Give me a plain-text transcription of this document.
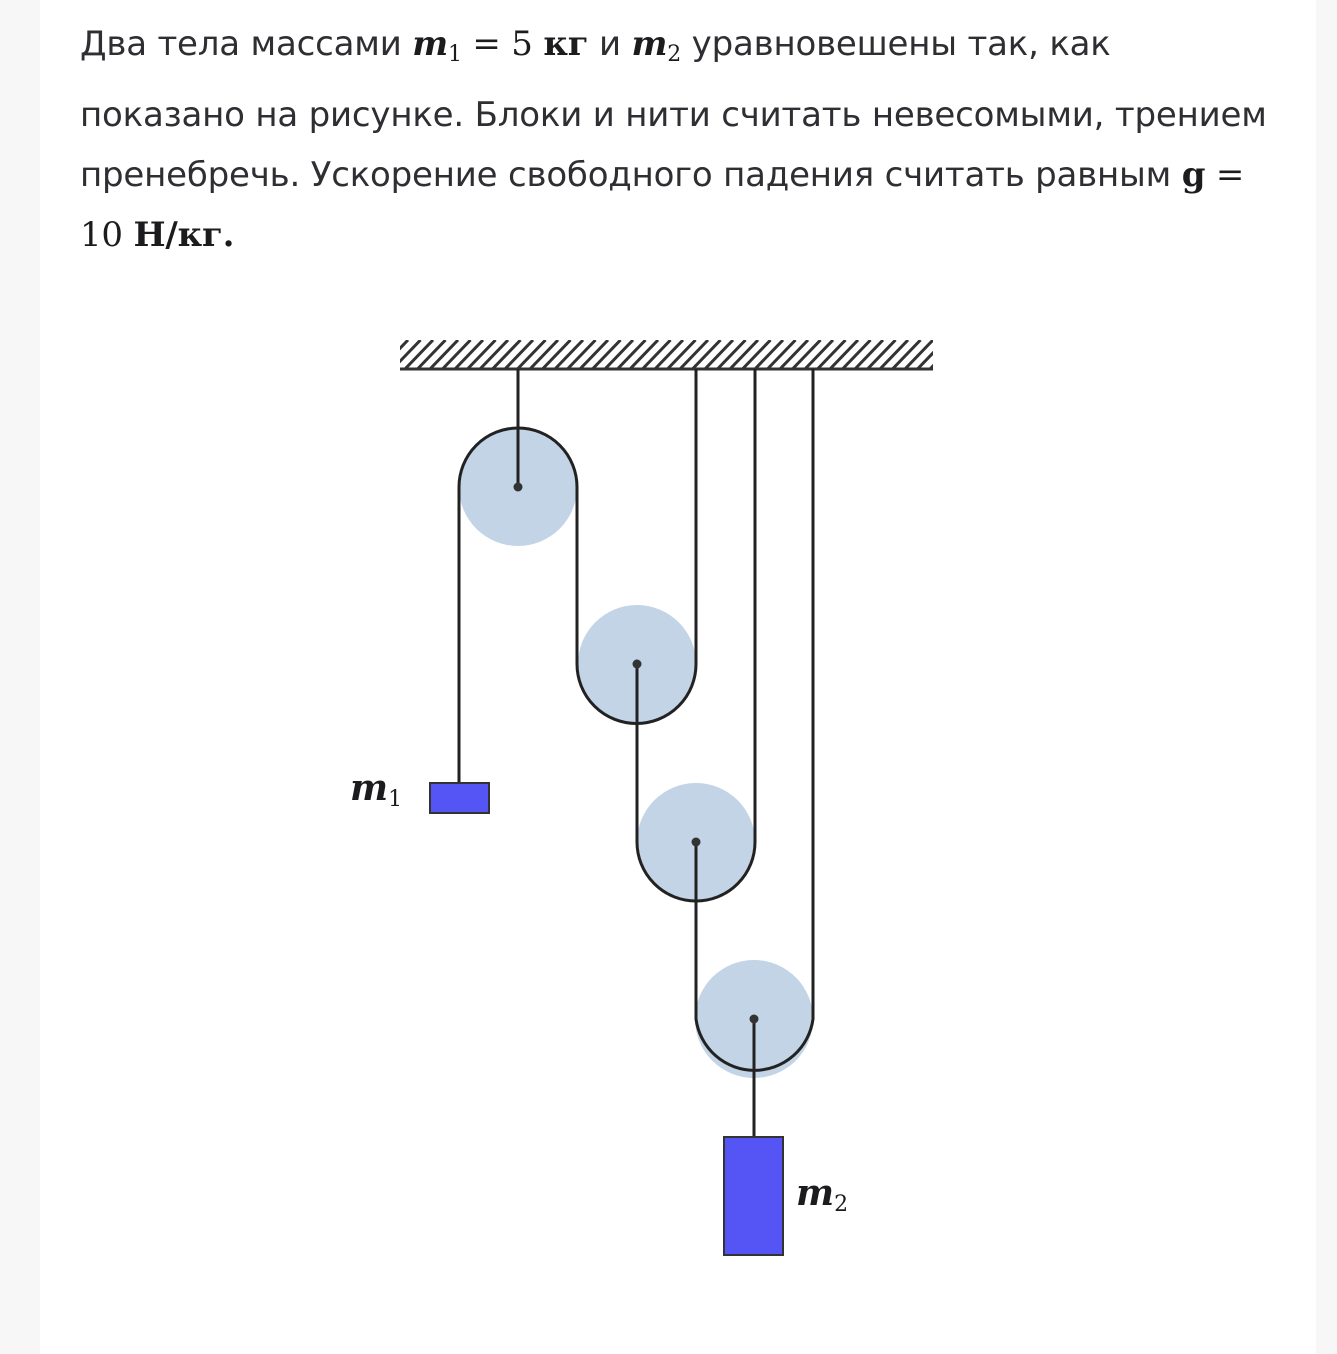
Два тела массами $m_1 = 5$ кг и $m_2$ уравновешены так, как показано на рисунке. Блоки и нити считать невесомыми, трением пренебречь. Ускорение свободного падения считать равным g = 10 Н/кг.
m1
m2
